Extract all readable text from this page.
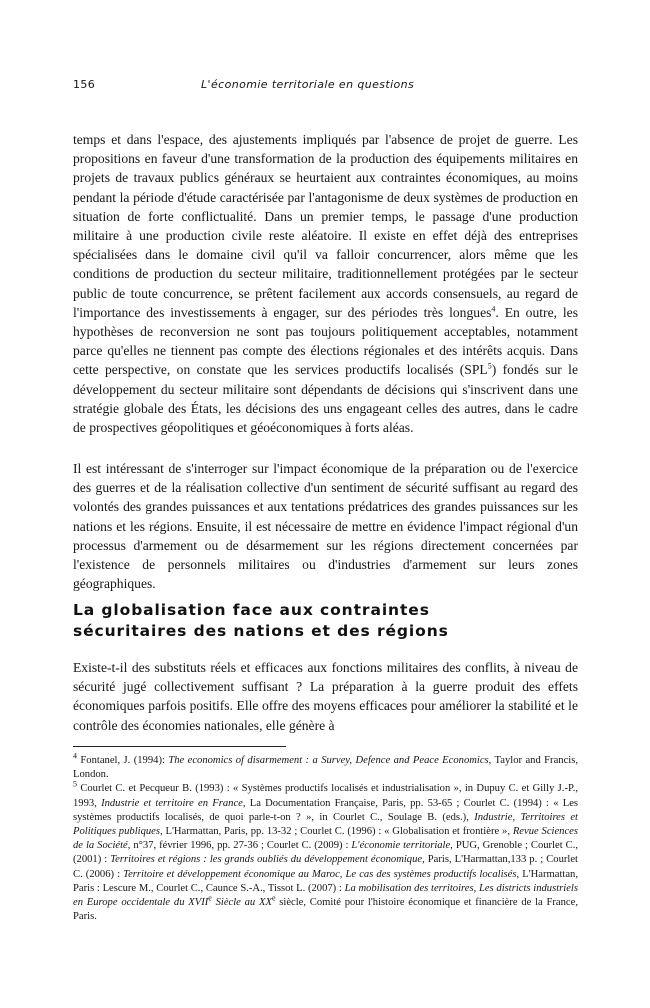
156	L'économie territoriale en questions
temps et dans l'espace, des ajustements impliqués par l'absence de projet de guerre. Les propositions en faveur d'une transformation de la production des équipements militaires en projets de travaux publics généraux se heurtaient aux contraintes économiques, au moins pendant la période d'étude caractérisée par l'antagonisme de deux systèmes de production en situation de forte conflictualité. Dans un premier temps, le passage d'une production militaire à une production civile reste aléatoire. Il existe en effet déjà des entreprises spécialisées dans le domaine civil qu'il va falloir concurrencer, alors même que les conditions de production du secteur militaire, traditionnellement protégées par le secteur public de toute concurrence, se prêtent facilement aux accords consensuels, au regard de l'importance des investissements à engager, sur des périodes très longues$^4$. En outre, les hypothèses de reconversion ne sont pas toujours politiquement acceptables, notamment parce qu'elles ne tiennent pas compte des élections régionales et des intérêts acquis. Dans cette perspective, on constate que les services productifs localisés (SPL$^5$) fondés sur le développement du secteur militaire sont dépendants de décisions qui s'inscrivent dans une stratégie globale des États, les décisions des uns engageant celles des autres, dans le cadre de prospectives géopolitiques et géoéconomiques à forts aléas.
Il est intéressant de s'interroger sur l'impact économique de la préparation ou de l'exercice des guerres et de la réalisation collective d'un sentiment de sécurité suffisant au regard des volontés des grandes puissances et aux tentations prédatrices des grandes puissances sur les nations et les régions. Ensuite, il est nécessaire de mettre en évidence l'impact régional d'un processus d'armement ou de désarmement sur les régions directement concernées par l'existence de personnels militaires ou d'industries d'armement sur leurs zones géographiques.
La globalisation face aux contraintes
sécuritaires des nations et des régions
Existe-t-il des substituts réels et efficaces aux fonctions militaires des conflits, à niveau de sécurité jugé collectivement suffisant ? La préparation à la guerre produit des effets économiques parfois positifs. Elle offre des moyens efficaces pour améliorer la stabilité et le contrôle des économies nationales, elle génère à

$^4$ Fontanel, J. (1994): The economics of disarmement : a Survey, Defence and Peace Economics, Taylor and Francis, London.

$^5$ Courlet C. et Pecqueur B. (1993) : « Systèmes productifs localisés et industrialisation », in Dupuy C. et Gilly J.-P., 1993, Industrie et territoire en France, La Documentation Française, Paris, pp. 53-65 ; Courlet C. (1994) : « Les systèmes productifs localisés, de quoi parle-t-on ? », in Courlet C., Soulage B. (eds.), Industrie, Territoires et Politiques publiques, L'Harmattan, Paris, pp. 13-32 ; Courlet C. (1996) : « Globalisation et frontière », Revue Sciences de la Société, n°37, février 1996, pp. 27-36 ; Courlet C. (2009) : L'économie territoriale, PUG, Grenoble ; Courlet C., (2001) : Territoires et régions : les grands oubliés du développement économique, Paris, L'Harmattan,133 p. ; Courlet C. (2006) : Territoire et développement économique au Maroc, Le cas des systèmes productifs localisés, L'Harmattan, Paris : Lescure M., Courlet C., Caunce S.-A., Tissot L. (2007) : La mobilisation des territoires, Les districts industriels en Europe occidentale du XVIIe Siècle au XXe siècle, Comité pour l'histoire économique et financière de la France, Paris.
